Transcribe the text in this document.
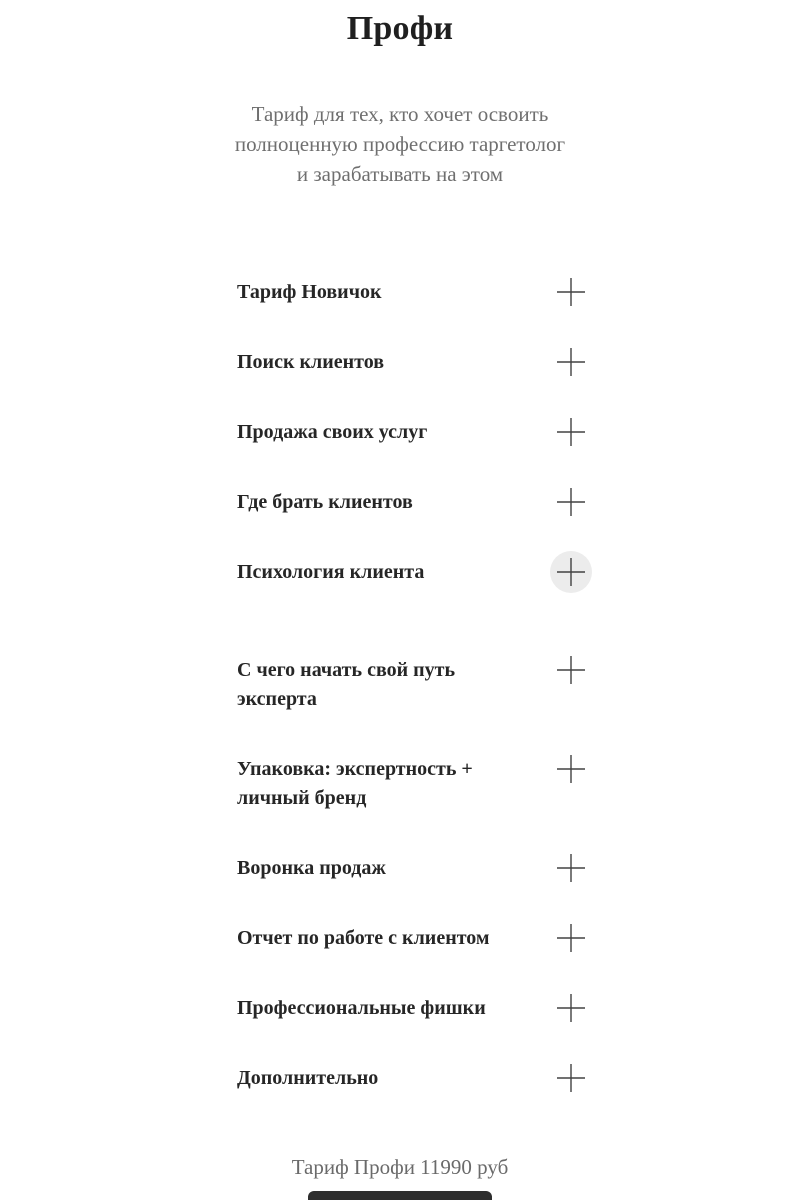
Профи
Тариф для тех, кто хочет освоить
полноценную профессию таргетолог
и зарабатывать на этом
Тариф Новичок
Поиск клиентов
Продажа своих услуг
Где брать клиентов
Психология клиента
С чего начать свой путь эксперта
Упаковка: экспертность + личный бренд
Воронка продаж
Отчет по работе с клиентом
Профессиональные фишки
Дополнительно
Тариф Профи 11990 руб
